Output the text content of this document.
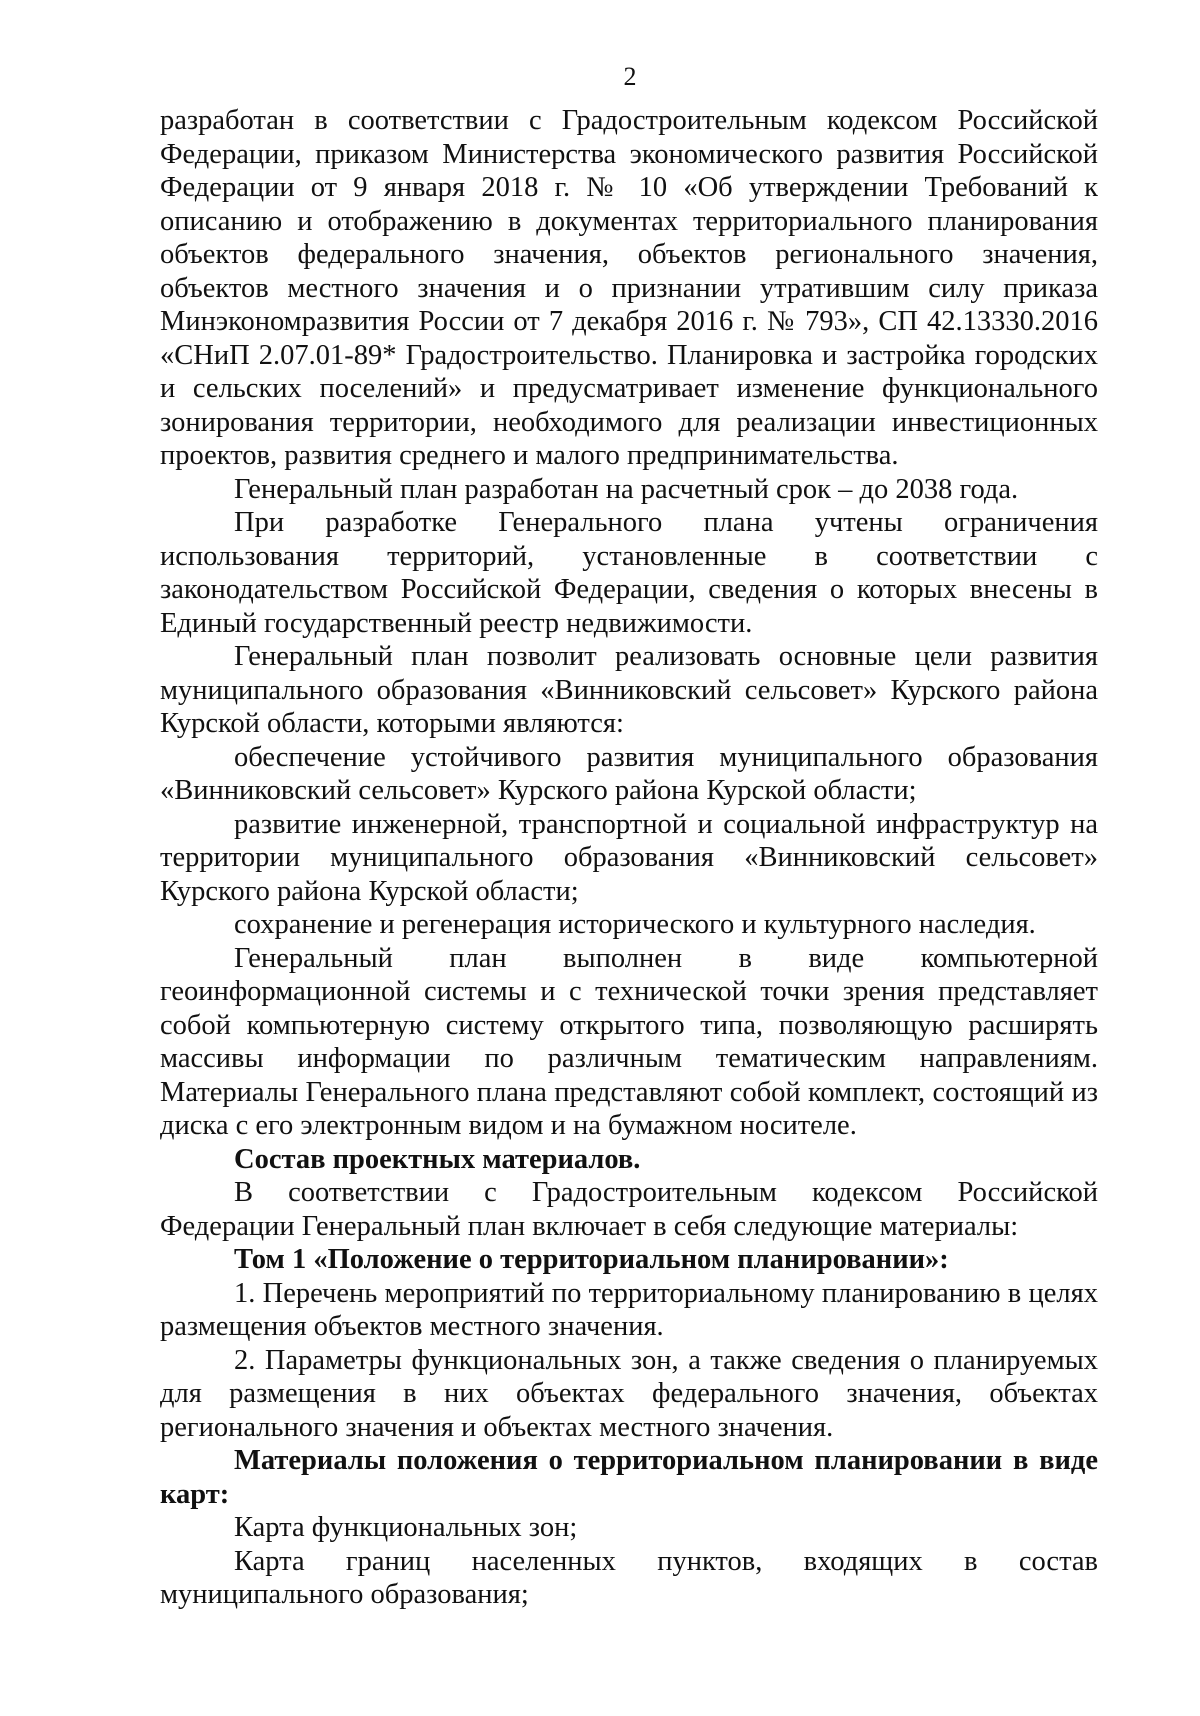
2

разработан в соответствии с Градостроительным кодексом Российской Федерации, приказом Министерства экономического развития Российской Федерации от 9 января 2018 г. № 10 «Об утверждении Требований к описанию и отображению в документах территориального планирования объектов федерального значения, объектов регионального значения, объектов местного значения и о признании утратившим силу приказа Минэкономразвития России от 7 декабря 2016 г. № 793», СП 42.13330.2016 «СНиП 2.07.01-89* Градостроительство. Планировка и застройка городских и сельских поселений» и предусматривает изменение функционального зонирования территории, необходимого для реализации инвестиционных проектов, развития среднего и малого предпринимательства.

Генеральный план разработан на расчетный срок – до 2038 года.

При разработке Генерального плана учтены ограничения использования территорий, установленные в соответствии с законодательством Российской Федерации, сведения о которых внесены в Единый государственный реестр недвижимости.

Генеральный план позволит реализовать основные цели развития муниципального образования «Винниковский сельсовет» Курского района Курской области, которыми являются:

обеспечение устойчивого развития муниципального образования «Винниковский сельсовет» Курского района Курской области;

развитие инженерной, транспортной и социальной инфраструктур на территории муниципального образования «Винниковский сельсовет» Курского района Курской области;

сохранение и регенерация исторического и культурного наследия.

Генеральный план выполнен в виде компьютерной геоинформационной системы и с технической точки зрения представляет собой компьютерную систему открытого типа, позволяющую расширять массивы информации по различным тематическим направлениям. Материалы Генерального плана представляют собой комплект, состоящий из диска с его электронным видом и на бумажном носителе.

Состав проектных материалов.

В соответствии с Градостроительным кодексом Российской Федерации Генеральный план включает в себя следующие материалы:

Том 1 «Положение о территориальном планировании»:

1. Перечень мероприятий по территориальному планированию в целях размещения объектов местного значения.

2. Параметры функциональных зон, а также сведения о планируемых для размещения в них объектах федерального значения, объектах регионального значения и объектах местного значения.

Материалы положения о территориальном планировании в виде карт:

Карта функциональных зон;

Карта границ населенных пунктов, входящих в состав муниципального образования;
